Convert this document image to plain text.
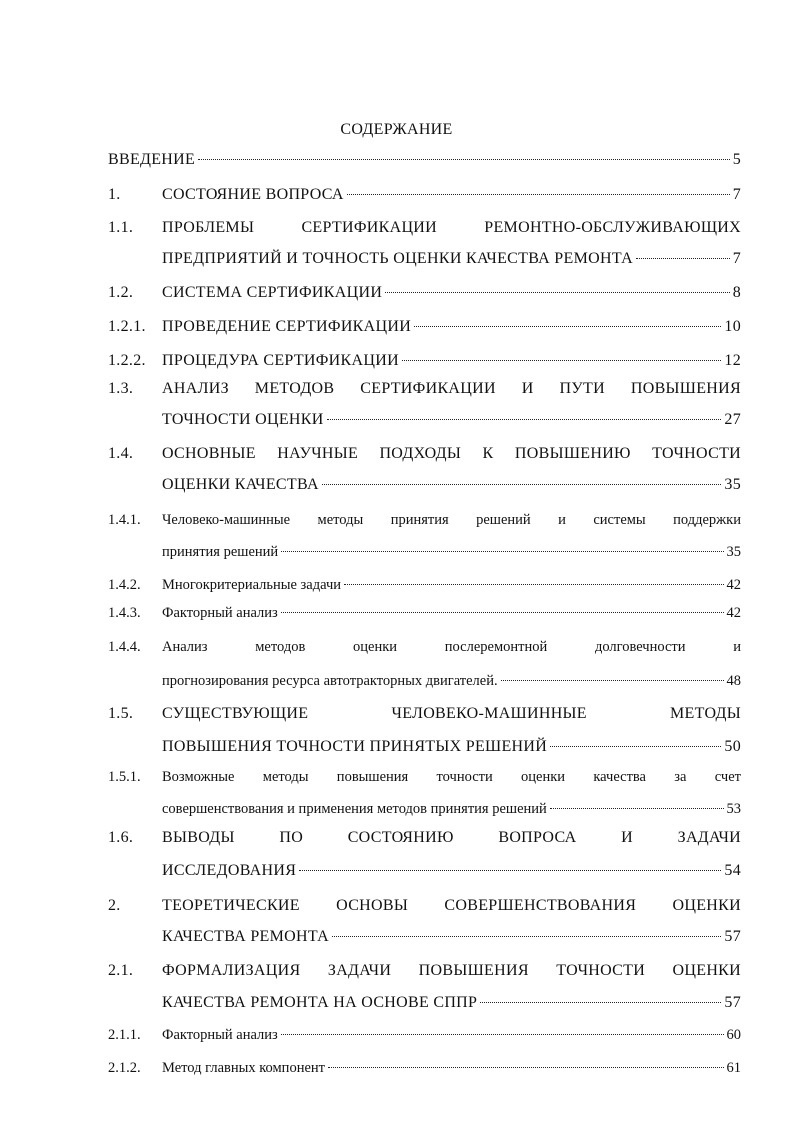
СОДЕРЖАНИЕ
ВВЕДЕНИЕ	5
1.	СОСТОЯНИЕ ВОПРОСА	7
1.1. ПРОБЛЕМЫ СЕРТИФИКАЦИИ РЕМОНТНО-ОБСЛУЖИВАЮЩИХ
ПРЕДПРИЯТИЙ И ТОЧНОСТЬ ОЦЕНКИ КАЧЕСТВА РЕМОНТА	7
1.2. СИСТЕМА СЕРТИФИКАЦИИ	8
1.2.1. ПРОВЕДЕНИЕ СЕРТИФИКАЦИИ	10
1.2.2. ПРОЦЕДУРА СЕРТИФИКАЦИИ	12
1.3. АНАЛИЗ МЕТОДОВ СЕРТИФИКАЦИИ И ПУТИ ПОВЫШЕНИЯ
ТОЧНОСТИ ОЦЕНКИ	27
1.4. ОСНОВНЫЕ НАУЧНЫЕ ПОДХОДЫ К ПОВЫШЕНИЮ ТОЧНОСТИ
ОЦЕНКИ КАЧЕСТВА	35
1.4.1. Человеко-машинные методы принятия решений и системы поддержки
принятия решений	35
1.4.2. Многокритериальные задачи	42
1.4.3. Факторный анализ	42
1.4.4. Анализ методов оценки послеремонтной долговечности и
прогнозирования ресурса автотракторных двигателей.	48
1.5. СУЩЕСТВУЮЩИЕ ЧЕЛОВЕКО-МАШИННЫЕ МЕТОДЫ
ПОВЫШЕНИЯ ТОЧНОСТИ ПРИНЯТЫХ РЕШЕНИЙ	50
1.5.1. Возможные методы повышения точности оценки качества за счет
совершенствования и применения методов принятия решений	53
1.6. ВЫВОДЫ ПО СОСТОЯНИЮ ВОПРОСА И ЗАДАЧИ
ИССЛЕДОВАНИЯ	54
2.	ТЕОРЕТИЧЕСКИЕ ОСНОВЫ СОВЕРШЕНСТВОВАНИЯ ОЦЕНКИ
КАЧЕСТВА РЕМОНТА	57
2.1. ФОРМАЛИЗАЦИЯ ЗАДАЧИ ПОВЫШЕНИЯ ТОЧНОСТИ ОЦЕНКИ
КАЧЕСТВА РЕМОНТА НА ОСНОВЕ СППР	57
2.1.1. Факторный анализ	60
2.1.2. Метод главных компонент	61
